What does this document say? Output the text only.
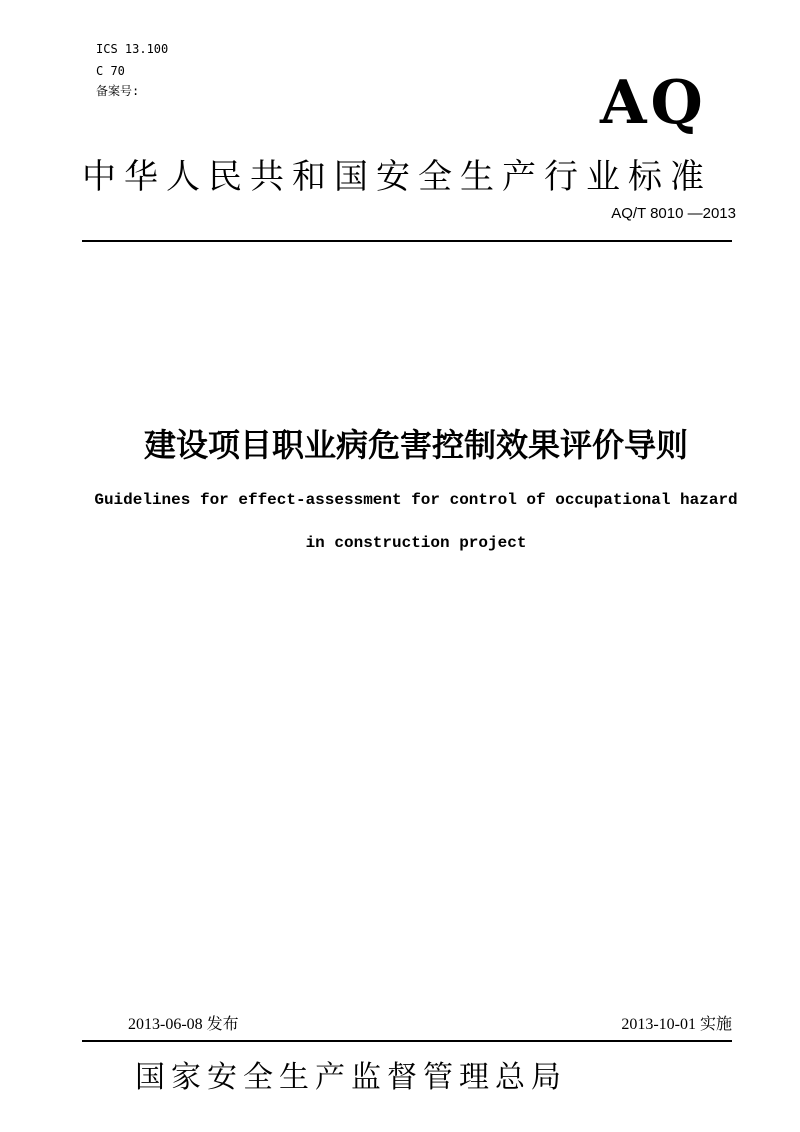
ICS 13.100
C 70
备案号:	AQ
中华人民共和国安全生产行业标准
AQ/T 8010 —2013
建设项目职业病危害控制效果评价导则
Guidelines for effect-assessment for control of occupational hazard
in construction project
2013-06-08 发布	2013-10-01 实施
国家安全生产监督管理总局
